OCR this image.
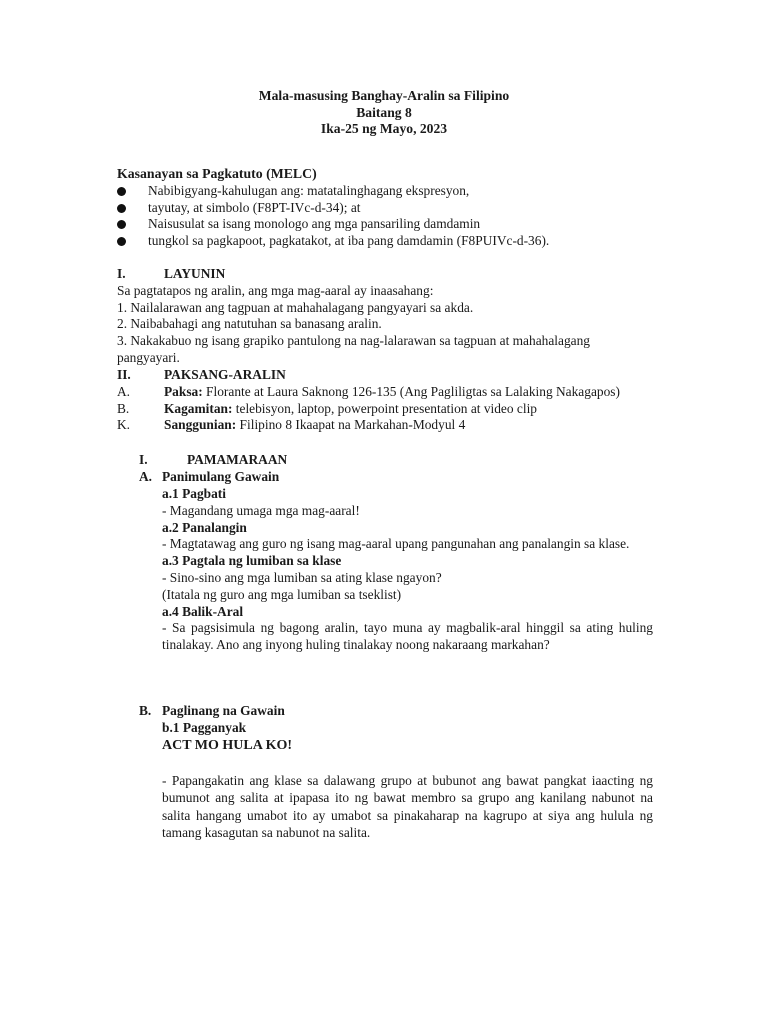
Mala-masusing Banghay-Aralin sa Filipino
Baitang 8
Ika-25 ng Mayo, 2023
Kasanayan sa Pagkatuto (MELC)
Nabibigyang-kahulugan ang: matatalinghagang ekspresyon,
tayutay, at simbolo (F8PT-IVc-d-34); at
Naisusulat sa isang monologo ang mga pansariling damdamin
tungkol sa pagkapoot, pagkatakot, at iba pang damdamin (F8PUIVc-d-36).
I.	LAYUNIN
Sa pagtatapos ng aralin, ang mga mag-aaral ay inaasahang:
1. Nailalarawan ang tagpuan at mahahalagang pangyayari sa akda.
2. Naibabahagi ang natutuhan sa banasang aralin.
3. Nakakabuo ng isang grapiko pantulong na nag-lalarawan sa tagpuan at mahahalagang pangyayari.
II.	PAKSANG-ARALIN
A.	Paksa: Florante at Laura Saknong 126-135 (Ang Pagliligtas sa Lalaking Nakagapos)
B.	Kagamitan: telebisyon, laptop, powerpoint presentation at video clip
K.	Sanggunian: Filipino 8 Ikaapat na Markahan-Modyul 4
I.	PAMAMARAAN
A. Panimulang Gawain
a.1 Pagbati
- Magandang umaga mga mag-aaral!
a.2 Panalangin
- Magtatawag ang guro ng isang mag-aaral upang pangunahan ang panalangin sa klase.
a.3 Pagtala ng lumiban sa klase
- Sino-sino ang mga lumiban sa ating klase ngayon?
(Itatala ng guro ang mga lumiban sa tseklist)
a.4 Balik-Aral
- Sa pagsisimula ng bagong aralin, tayo muna ay magbalik-aral hinggil sa ating huling tinalakay. Ano ang inyong huling tinalakay noong nakaraang markahan?
B. Paglinang na Gawain
b.1 Pagganyak
ACT MO HULA KO!
- Papangakatin ang klase sa dalawang grupo at bubunot ang bawat pangkat iaacting ng bumunot ang salita at ipapasa ito ng bawat membro sa grupo ang kanilang nabunot na salita hangang umabot ito ay umabot sa pinakaharap na kagrupo at siya ang hulula ng tamang kasagutan sa nabunot na salita.
